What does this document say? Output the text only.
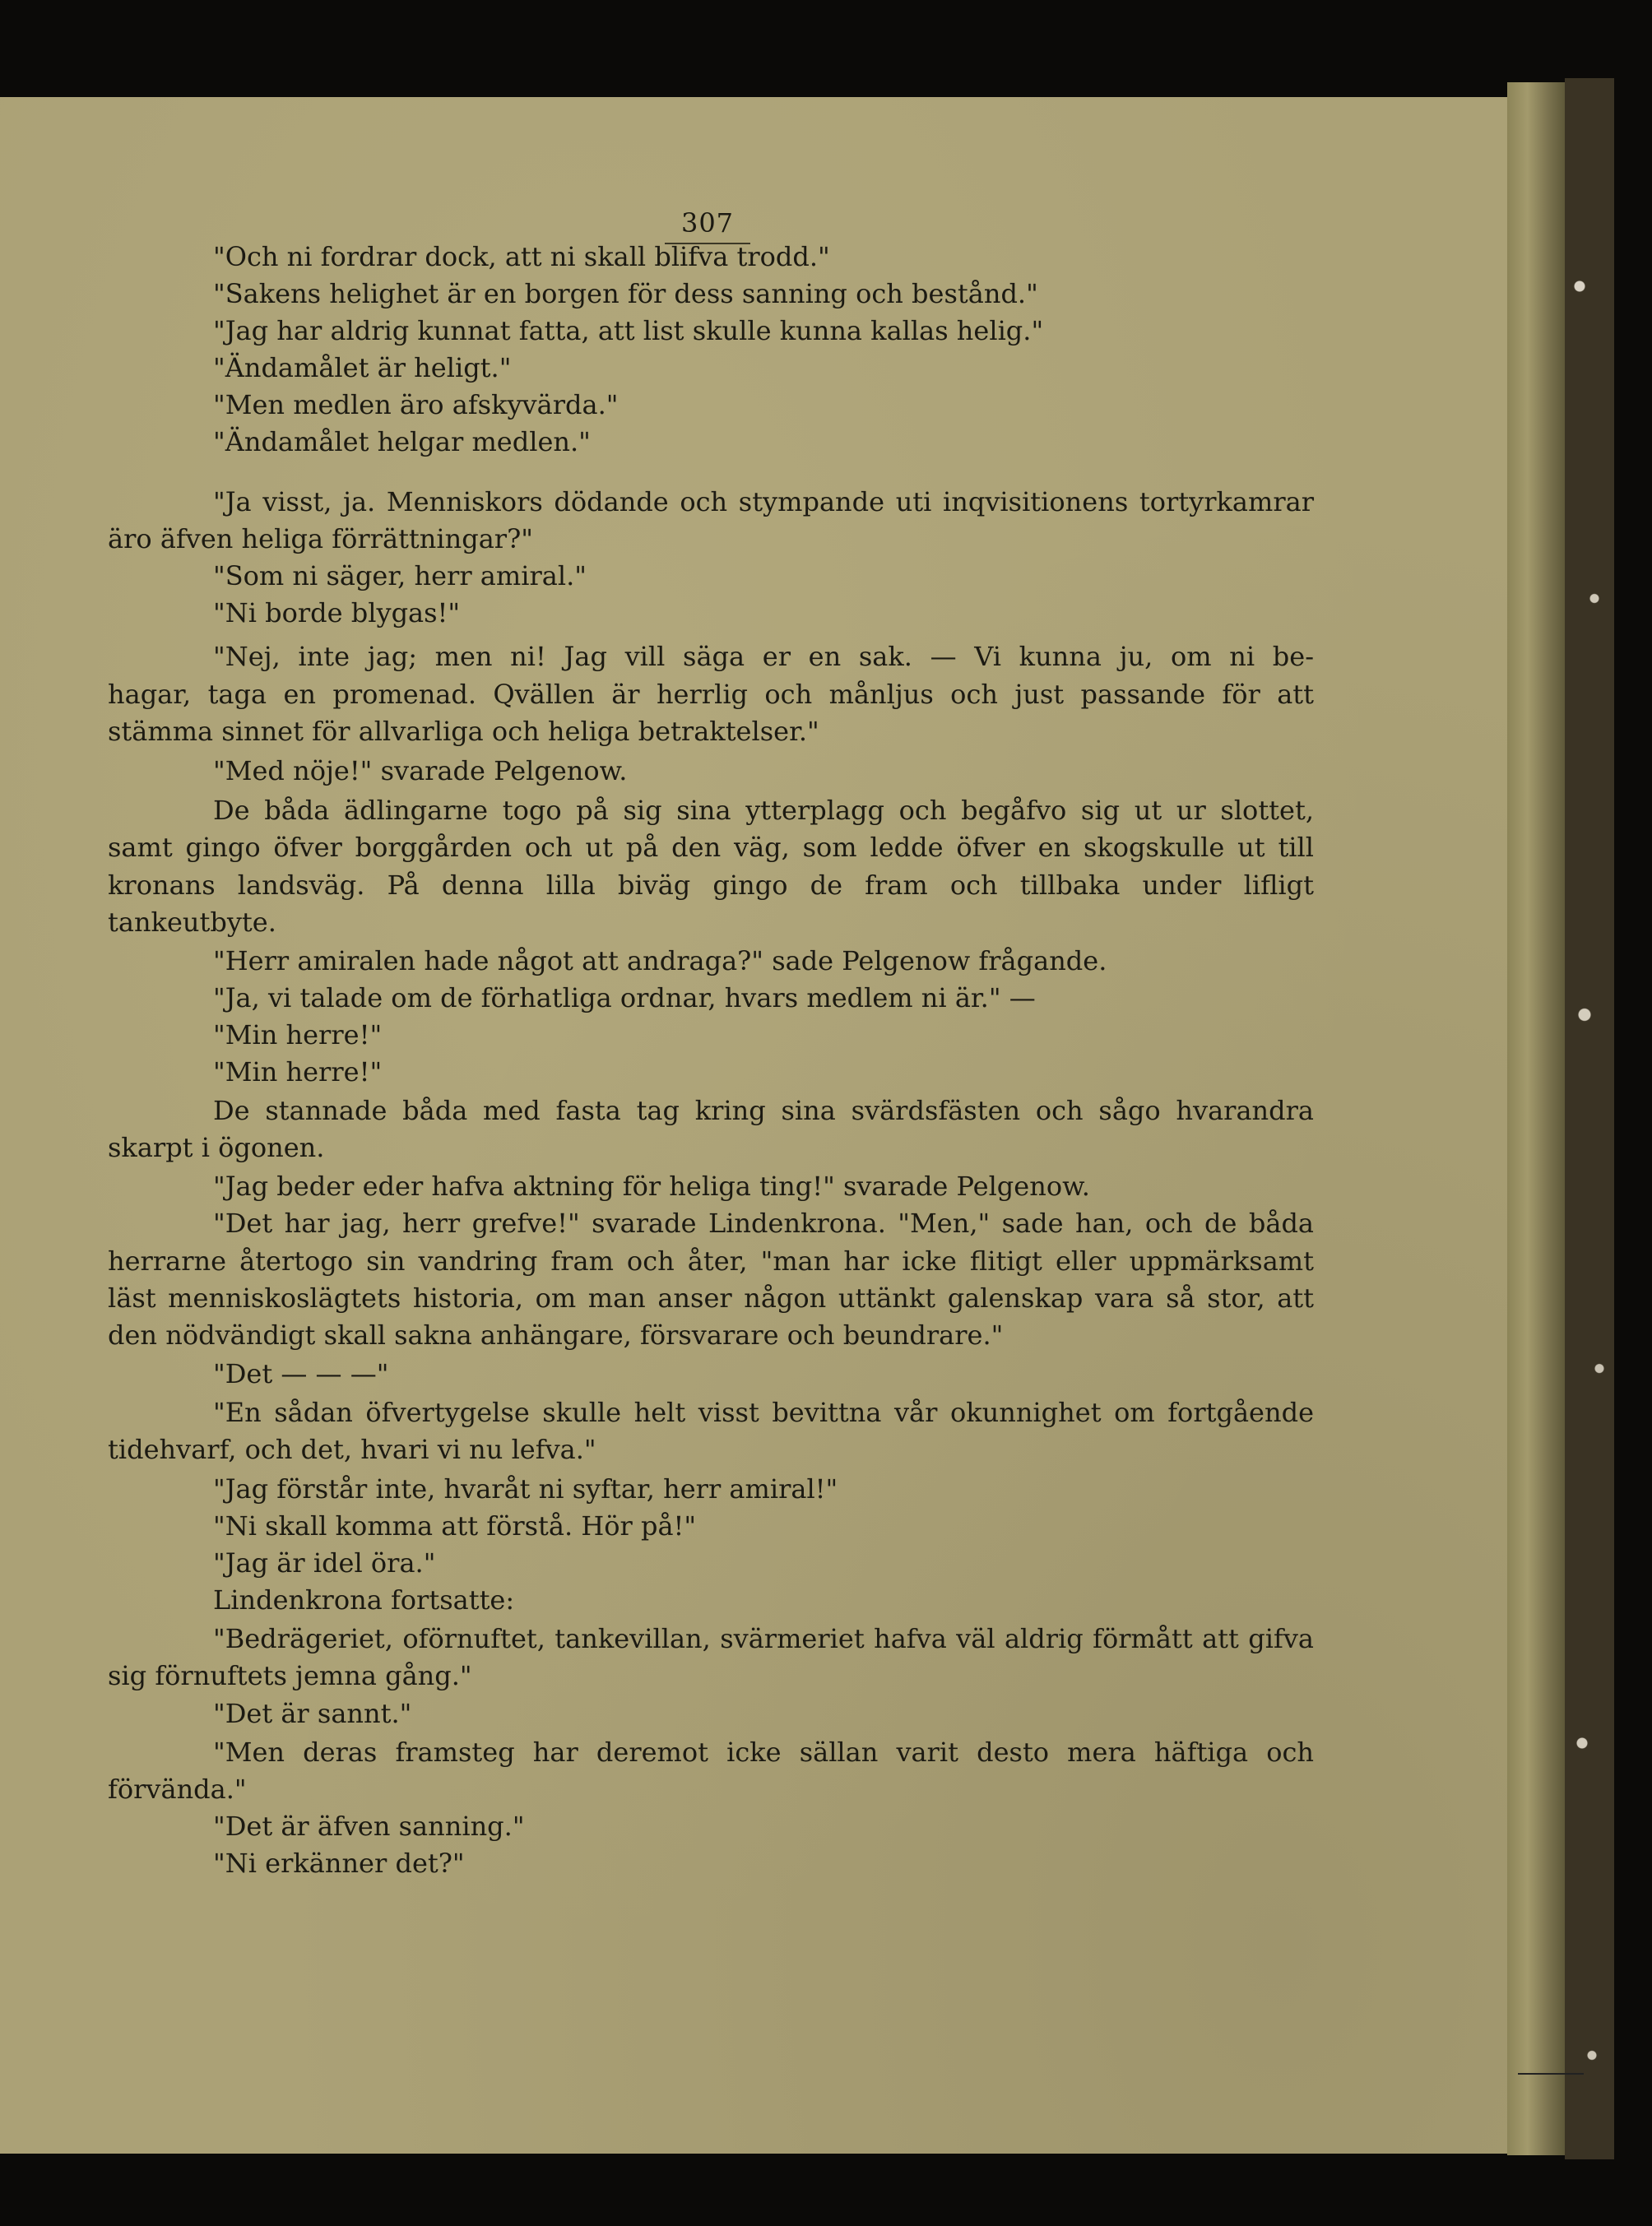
307
"Och ni fordrar dock, att ni skall blifva trodd."
"Sakens helighet är en borgen för dess sanning och bestånd."
"Jag har aldrig kunnat fatta, att list skulle kunna kallas helig."
"Ändamålet är heligt."
"Men medlen äro afskyvärda."
"Ändamålet helgar medlen."
"Ja visst, ja. Menniskors dödande och stympande uti inqvisitionens tortyrkamrar
äro äfven heliga förrättningar?"
"Som ni säger, herr amiral."
"Ni borde blygas!"
"Nej, inte jag; men ni! Jag vill säga er en sak. — Vi kunna ju, om ni be-
hagar, taga en promenad. Qvällen är herrlig och månljus och just passande för att
stämma sinnet för allvarliga och heliga betraktelser."
"Med nöje!" svarade Pelgenow.
De båda ädlingarne togo på sig sina ytterplagg och begåfvo sig ut ur slottet,
samt gingo öfver borggården och ut på den väg, som ledde öfver en skogskulle ut till
kronans landsväg. På denna lilla biväg gingo de fram och tillbaka under lifligt
tankeutbyte.
"Herr amiralen hade något att andraga?" sade Pelgenow frågande.
"Ja, vi talade om de förhatliga ordnar, hvars medlem ni är." —
"Min herre!"
"Min herre!"
De stannade båda med fasta tag kring sina svärdsfästen och sågo hvarandra
skarpt i ögonen.
"Jag beder eder hafva aktning för heliga ting!" svarade Pelgenow.
"Det har jag, herr grefve!" svarade Lindenkrona. "Men," sade han, och de båda
herrarne återtogo sin vandring fram och åter, "man har icke flitigt eller uppmärksamt
läst menniskoslägtets historia, om man anser någon uttänkt galenskap vara så stor, att
den nödvändigt skall sakna anhängare, försvarare och beundrare."
"Det — — —"
"En sådan öfvertygelse skulle helt visst bevittna vår okunnighet om fortgående
tidehvarf, och det, hvari vi nu lefva."
"Jag förstår inte, hvaråt ni syftar, herr amiral!"
"Ni skall komma att förstå. Hör på!"
"Jag är idel öra."
Lindenkrona fortsatte:
"Bedrägeriet, oförnuftet, tankevillan, svärmeriet hafva väl aldrig förmått att gifva
sig förnuftets jemna gång."
"Det är sannt."
"Men deras framsteg har deremot icke sällan varit desto mera häftiga och
förvända."
"Det är äfven sanning."
"Ni erkänner det?"
